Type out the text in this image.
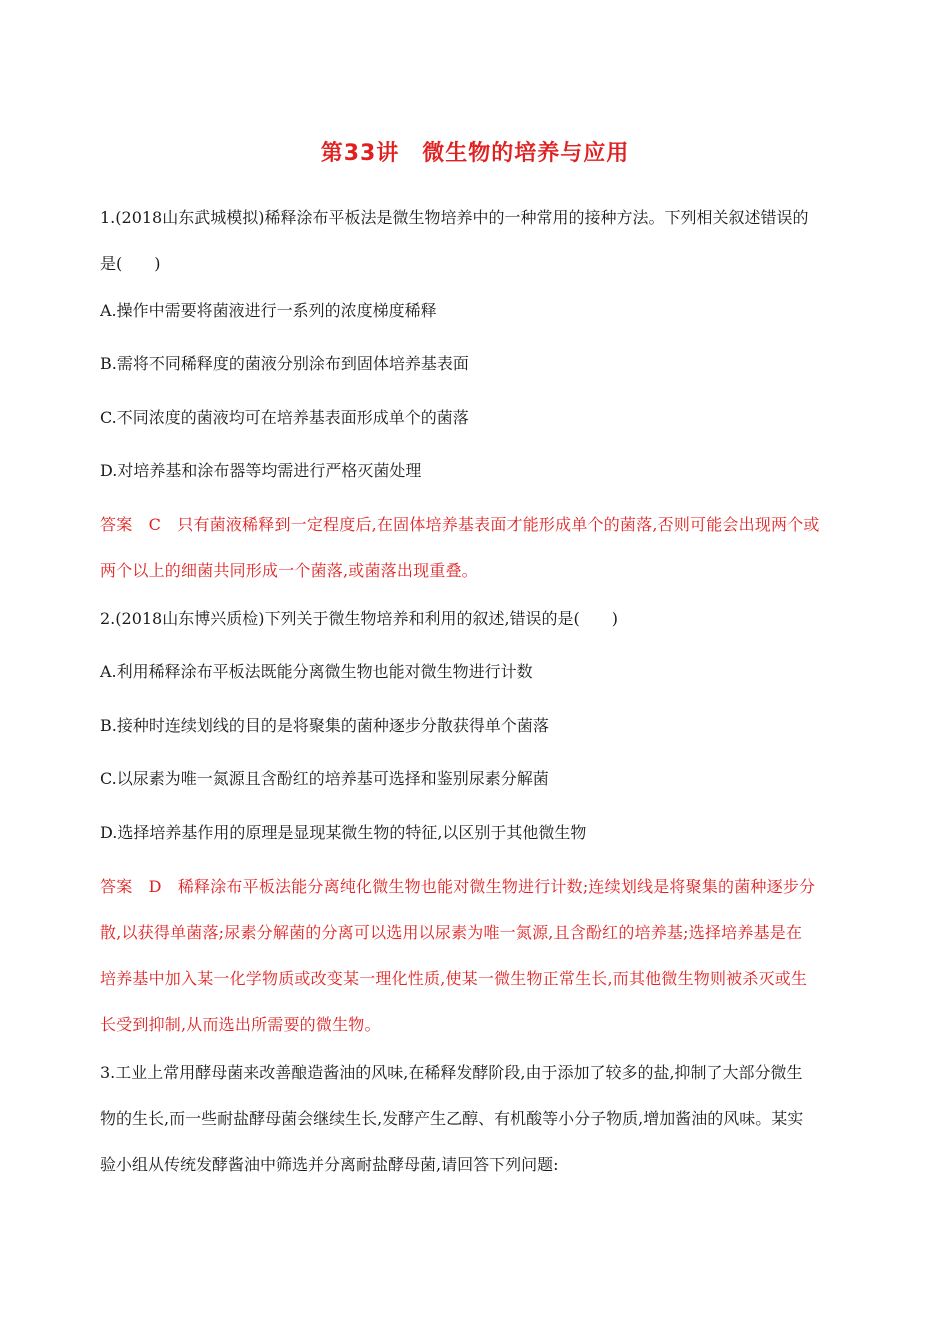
第33讲　微生物的培养与应用
1.(2018山东武城模拟)稀释涂布平板法是微生物培养中的一种常用的接种方法。下列相关叙述错误的
是(　　)
A.操作中需要将菌液进行一系列的浓度梯度稀释
B.需将不同稀释度的菌液分别涂布到固体培养基表面
C.不同浓度的菌液均可在培养基表面形成单个的菌落
D.对培养基和涂布器等均需进行严格灭菌处理
答案　C　只有菌液稀释到一定程度后,在固体培养基表面才能形成单个的菌落,否则可能会出现两个或
两个以上的细菌共同形成一个菌落,或菌落出现重叠。
2.(2018山东博兴质检)下列关于微生物培养和利用的叙述,错误的是(　　)
A.利用稀释涂布平板法既能分离微生物也能对微生物进行计数
B.接种时连续划线的目的是将聚集的菌种逐步分散获得单个菌落
C.以尿素为唯一氮源且含酚红的培养基可选择和鉴别尿素分解菌
D.选择培养基作用的原理是显现某微生物的特征,以区别于其他微生物
答案　D　稀释涂布平板法能分离纯化微生物也能对微生物进行计数;连续划线是将聚集的菌种逐步分
散,以获得单菌落;尿素分解菌的分离可以选用以尿素为唯一氮源,且含酚红的培养基;选择培养基是在
培养基中加入某一化学物质或改变某一理化性质,使某一微生物正常生长,而其他微生物则被杀灭或生
长受到抑制,从而选出所需要的微生物。
3.工业上常用酵母菌来改善酿造酱油的风味,在稀释发酵阶段,由于添加了较多的盐,抑制了大部分微生
物的生长,而一些耐盐酵母菌会继续生长,发酵产生乙醇、有机酸等小分子物质,增加酱油的风味。某实
验小组从传统发酵酱油中筛选并分离耐盐酵母菌,请回答下列问题:
